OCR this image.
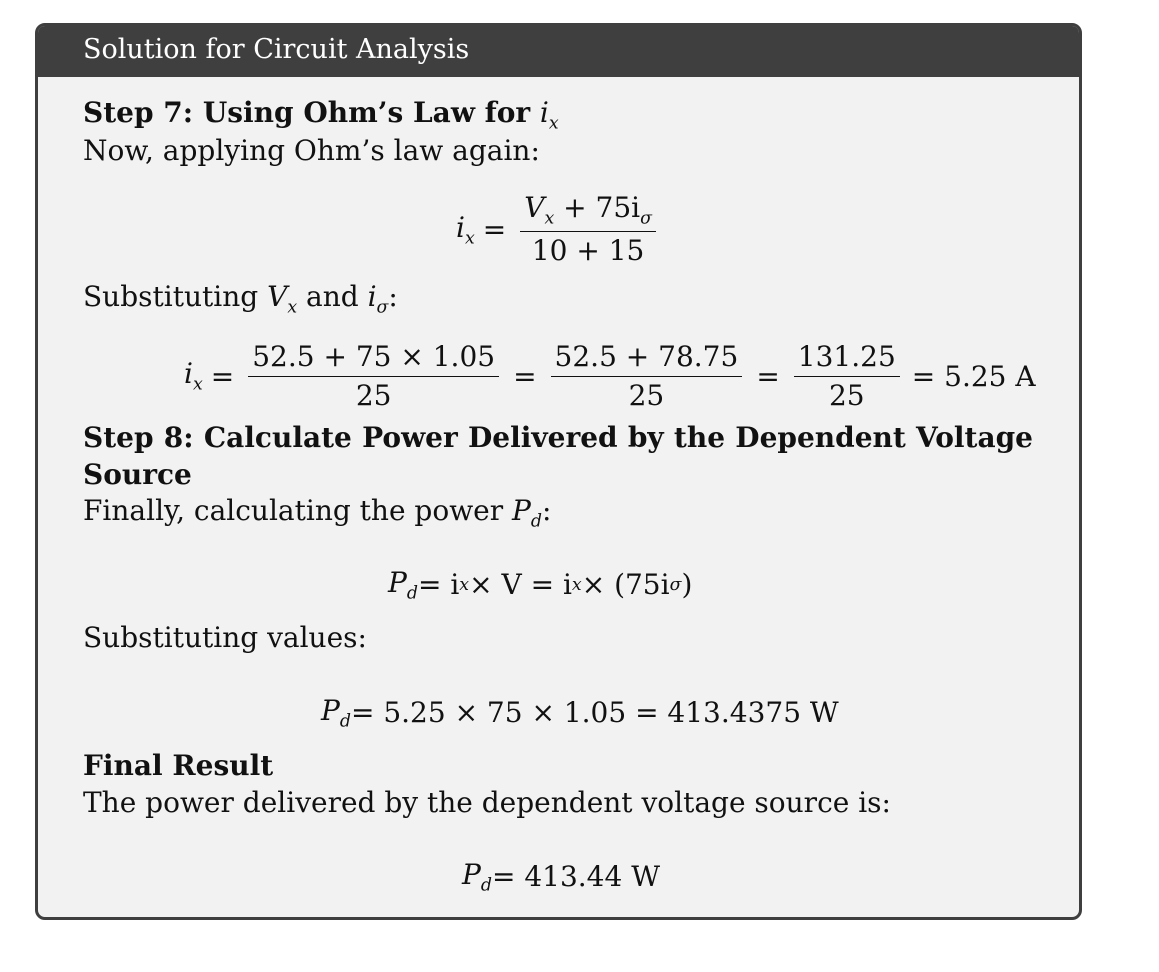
Solution for Circuit Analysis
Step 7: Using Ohm’s Law for $i_x$
Now, applying Ohm’s law again:
$i_x = \frac{V_x + 75i_\sigma}{10 + 15}$
Substituting $V_x$ and $i_\sigma$:
$i_x = \frac{52.5 + 75 \times 1.05}{25} = \frac{52.5 + 78.75}{25} = \frac{131.25}{25} = 5.25$ A
Step 8: Calculate Power Delivered by the Dependent Voltage
Source
Finally, calculating the power $P_d$:
$P_d = i$ x × V = i x × (75i σ )
Substituting values:
$P_d = 5.25 \times 75 \times 1.05 = 413.4375$ W
Final Result
The power delivered by the dependent voltage source is:
$P_d = 413.44$ W
